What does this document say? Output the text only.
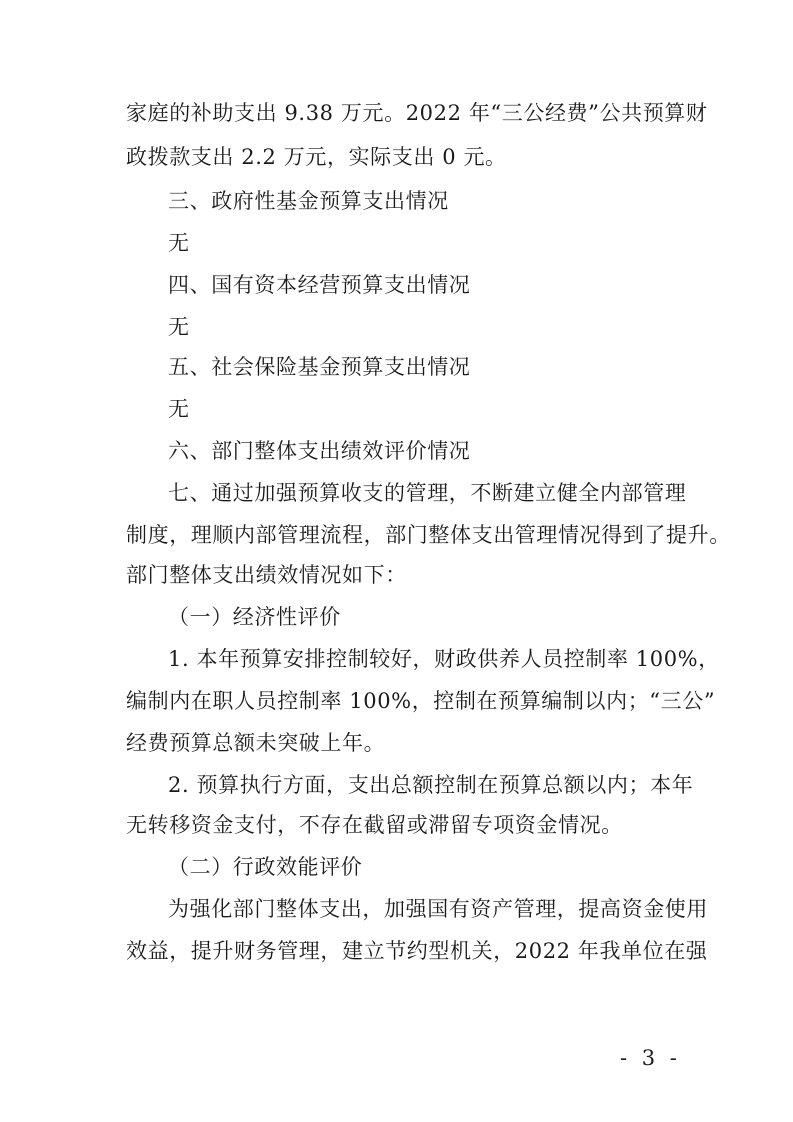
家庭的补助支出 9.38 万元。2022 年“三公经费”公共预算财
政拨款支出 2.2 万元，实际支出 0 元。
三、政府性基金预算支出情况
无
四、国有资本经营预算支出情况
无
五、社会保险基金预算支出情况
无
六、部门整体支出绩效评价情况
七、通过加强预算收支的管理，不断建立健全内部管理
制度，理顺内部管理流程，部门整体支出管理情况得到了提升。
部门整体支出绩效情况如下：
（一）经济性评价
1. 本年预算安排控制较好，财政供养人员控制率 100%，
编制内在职人员控制率 100%，控制在预算编制以内；“三公”
经费预算总额未突破上年。
2. 预算执行方面，支出总额控制在预算总额以内；本年
无转移资金支付，不存在截留或滞留专项资金情况。
（二）行政效能评价
为强化部门整体支出，加强国有资产管理，提高资金使用
效益，提升财务管理，建立节约型机关，2022 年我单位在强
- 3 -
